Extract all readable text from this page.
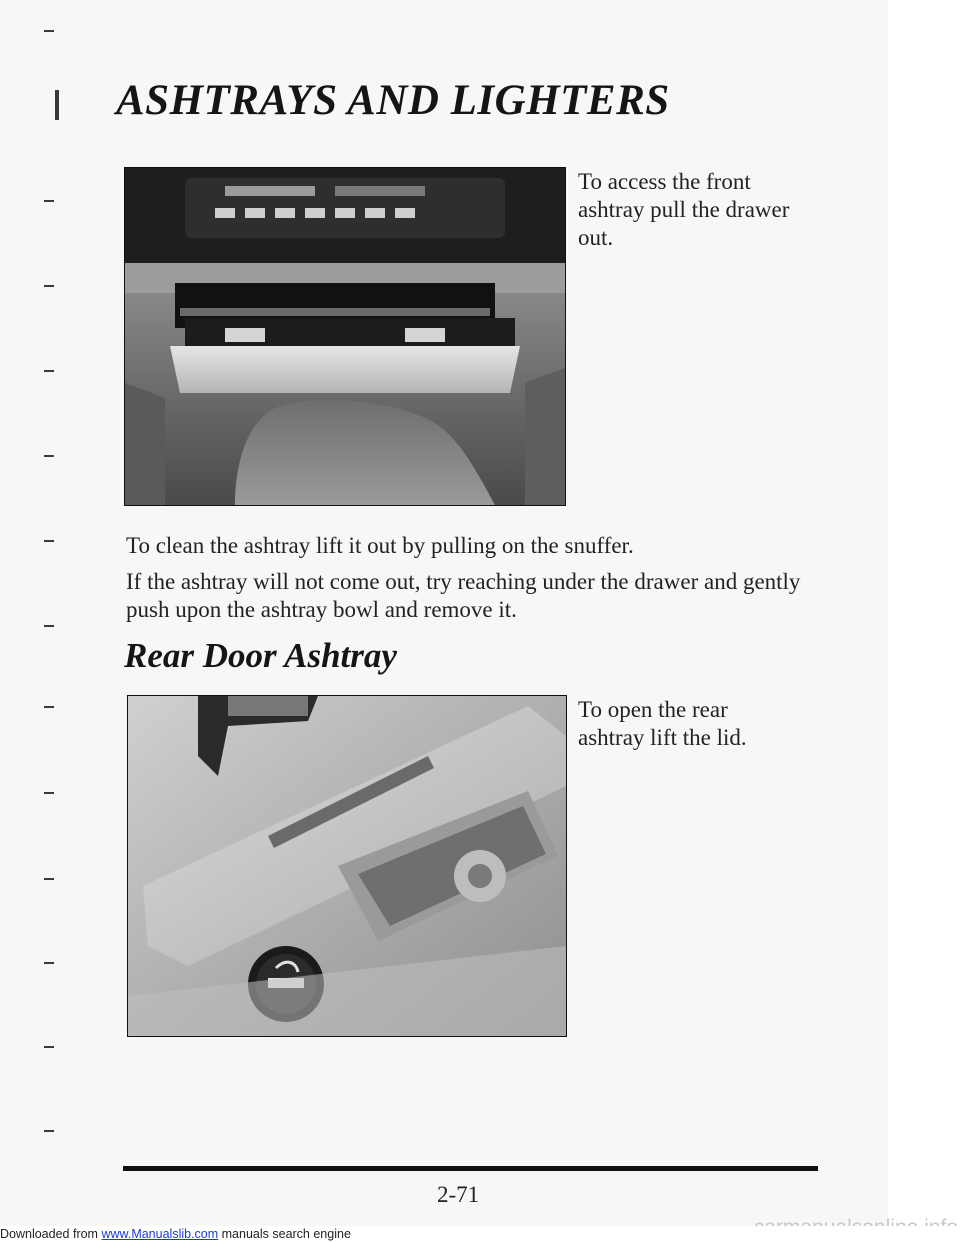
ASHTRAYS AND LIGHTERS

To access the front ashtray pull the drawer out.

To clean the ashtray lift it out by pulling on the snuffer.

If the ashtray will not come out, try reaching under the drawer and gently push upon the ashtray bowl and remove it.

Rear Door Ashtray

To open the rear ashtray lift the lid.

2-71

Downloaded from www.Manualslib.com manuals search engine
